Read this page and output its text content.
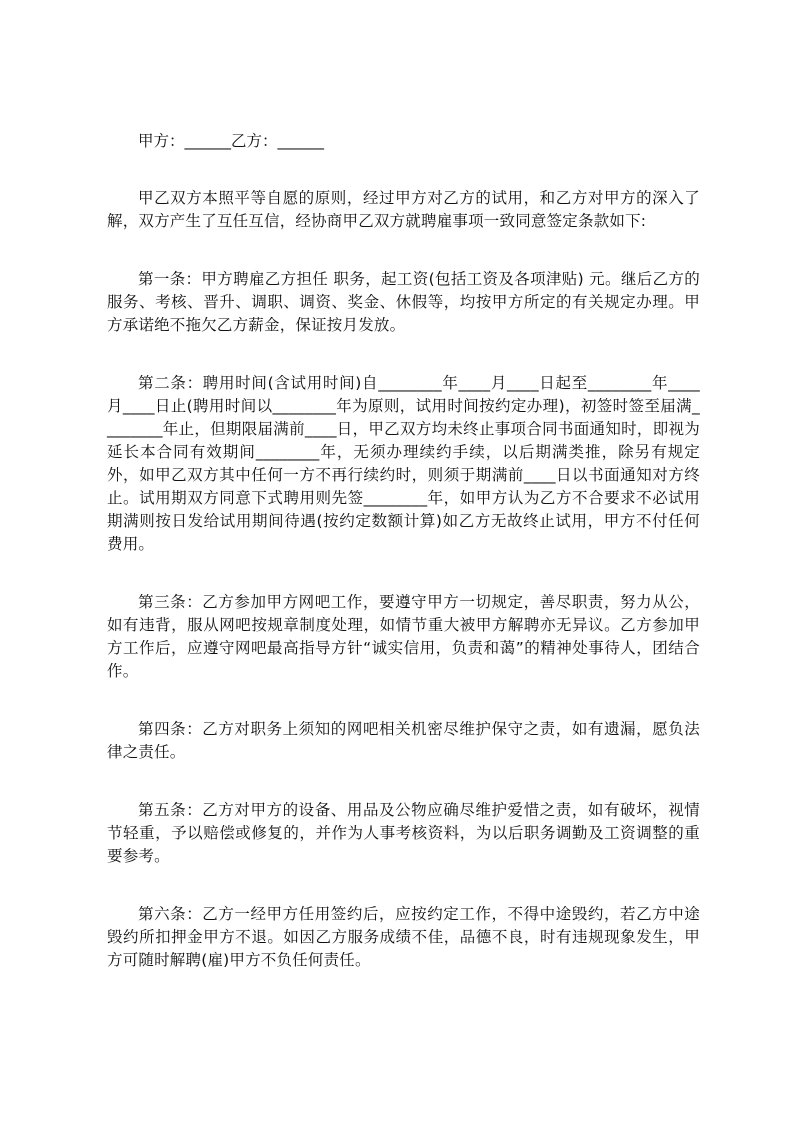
甲方：______乙方：______

甲乙双方本照平等自愿的原则，经过甲方对乙方的试用，和乙方对甲方的深入了解，双方产生了互任互信，经协商甲乙双方就聘雇事项一致同意签定条款如下:

第一条：甲方聘雇乙方担任 职务，起工资(包括工资及各项津贴) 元。继后乙方的服务、考核、晋升、调职、调资、奖金、休假等，均按甲方所定的有关规定办理。甲方承诺绝不拖欠乙方薪金，保证按月发放。

第二条：聘用时间(含试用时间)自________年____月____日起至________年____月____日止(聘用时间以________年为原则，试用时间按约定办理)，初签时签至届满________年止，但期限届满前____日，甲乙双方均未终止事项合同书面通知时，即视为延长本合同有效期间________年，无须办理续约手续，以后期满类推，除另有规定外，如甲乙双方其中任何一方不再行续约时，则须于期满前____日以书面通知对方终止。试用期双方同意下式聘用则先签________年，如甲方认为乙方不合要求不必试用期满则按日发给试用期间待遇(按约定数额计算)如乙方无故终止试用，甲方不付任何费用。

第三条：乙方参加甲方网吧工作，要遵守甲方一切规定，善尽职责，努力从公，如有违背，服从网吧按规章制度处理，如情节重大被甲方解聘亦无异议。乙方参加甲方工作后，应遵守网吧最高指导方针“诚实信用，负责和蔼”的精神处事待人，团结合作。

第四条：乙方对职务上须知的网吧相关机密尽维护保守之责，如有遗漏，愿负法律之责任。

第五条：乙方对甲方的设备、用品及公物应确尽维护爱惜之责，如有破坏，视情节轻重，予以赔偿或修复的，并作为人事考核资料，为以后职务调勤及工资调整的重要参考。

第六条：乙方一经甲方任用签约后，应按约定工作，不得中途毁约，若乙方中途毁约所扣押金甲方不退。如因乙方服务成绩不佳，品德不良，时有违规现象发生，甲方可随时解聘(雇)甲方不负任何责任。
